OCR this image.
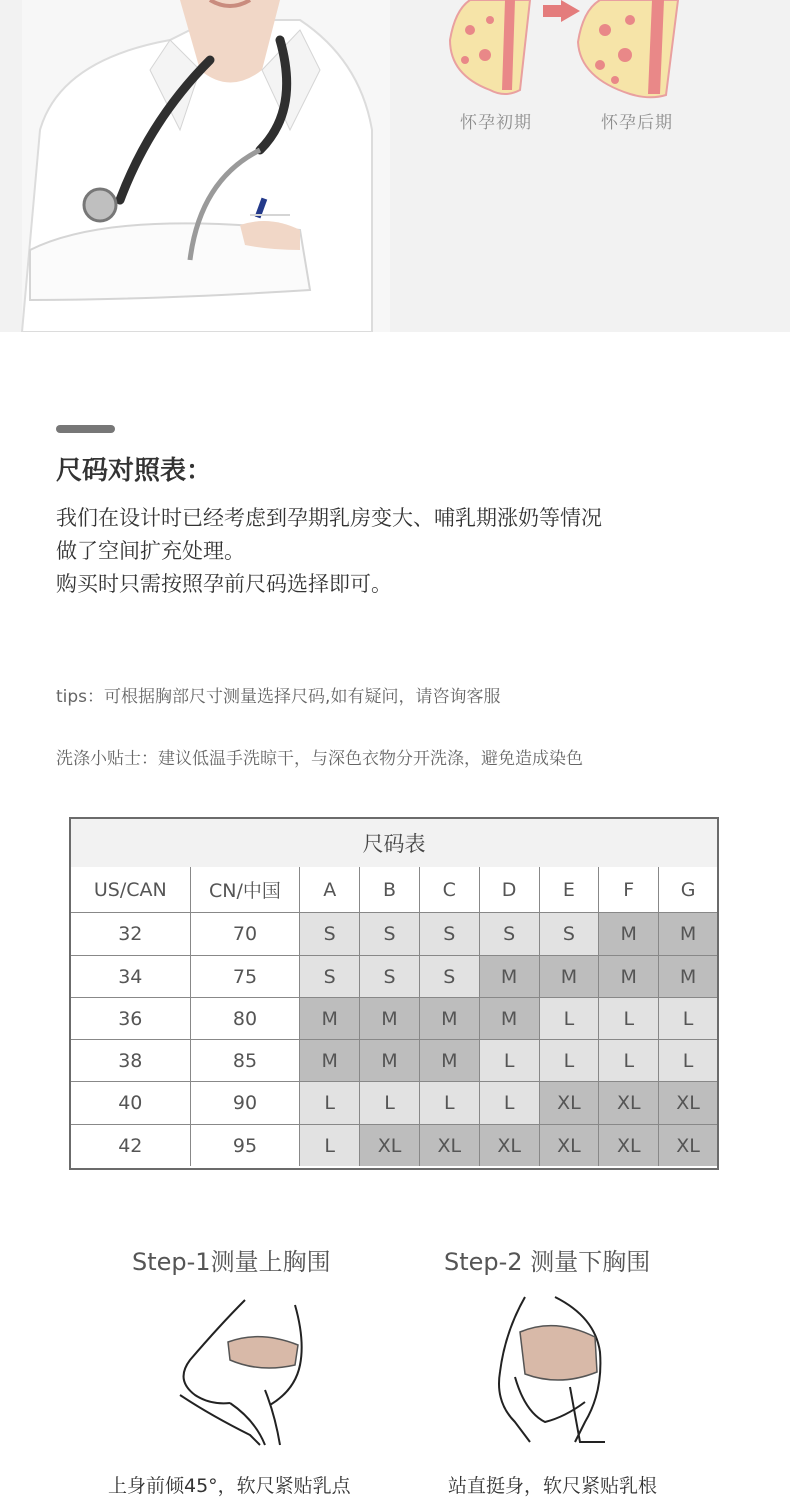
怀孕初期	怀孕后期
尺码对照表：
我们在设计时已经考虑到孕期乳房变大、哺乳期涨奶等情况
做了空间扩充处理。
购买时只需按照孕前尺码选择即可。
tips：可根据胸部尺寸测量选择尺码,如有疑问，请咨询客服
洗涤小贴士：建议低温手洗晾干，与深色衣物分开洗涤，避免造成染色
尺码表
US/CAN	CN/中国	A	B	C	D	E	F	G
32	70	S	S	S	S	S	M	M
34	75	S	S	S	M	M	M	M
36	80	M	M	M	M	L	L	L
38	85	M	M	M	L	L	L	L
40	90	L	L	L	L	XL	XL	XL
42	95	L	XL	XL	XL	XL	XL	XL
Step-1测量上胸围	Step-2 测量下胸围
上身前倾45°，软尺紧贴乳点	站直挺身，软尺紧贴乳根
